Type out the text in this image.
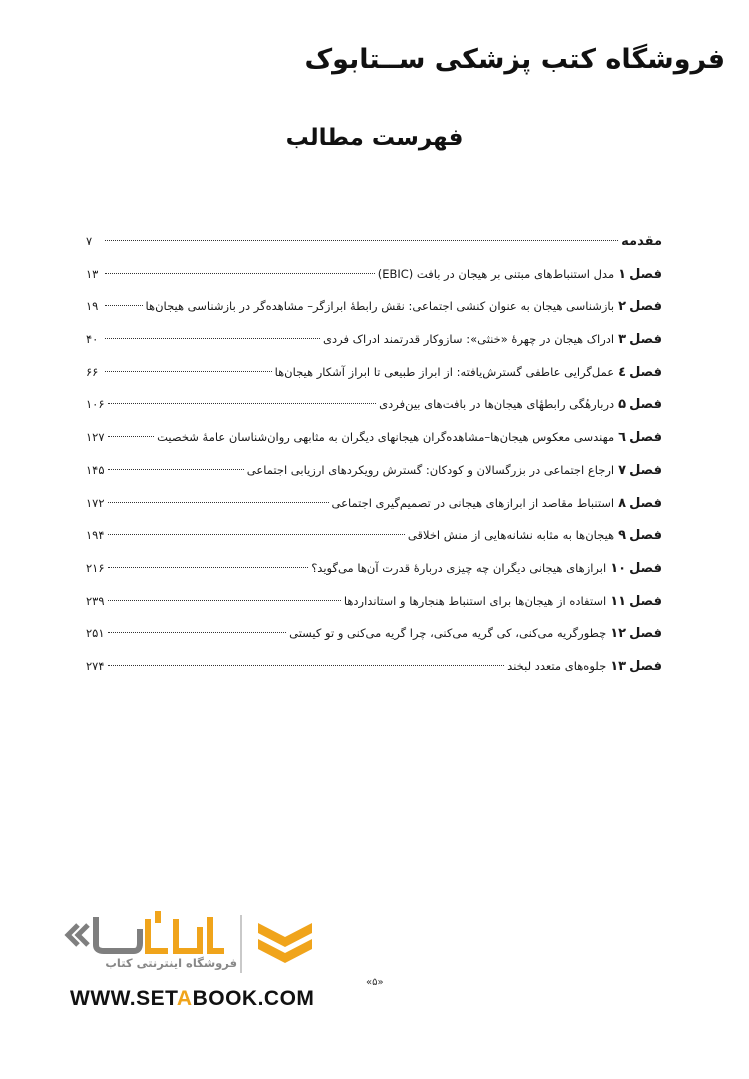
فروشگاه کتب پزشکی ســتابوک
فهرست مطالب
مقدمه
۷
فصل۱
مدل استنباط‌های مبتنی بر هیجان در بافت (EBIC)
۱۳
فصل۲
بازشناسی هیجان به عنوان کنشی اجتماعی: نقش رابطهٔ ابرازگر– مشاهده‌گر در بازشناسی هیجان‌ها
۱۹
فصل۳
ادراک هیجان در چهرهٔ «خنثی»: سازوکار قدرتمند ادراک فردی
۴۰
فصل٤
عمل‌گرایی عاطفی گسترش‌یافته: از ابراز طبیعی تا ابراز آشکار هیجان‌ها
۶۶
فصل۵
دربارهٔگی رابطهٔای هیجان‌ها در بافت‌های بین‌فردی
۱۰۶
فصل٦
مهندسی معکوس هیجان‌ها–مشاهده‌گران هیجانهای دیگران به مثابهی روان‌شناسان عامهٔ شخصیت
۱۲۷
فصل۷
ارجاع اجتماعی در بزرگسالان و کودکان: گسترش رویکردهای ارزیابی اجتماعی
۱۴۵
فصل۸
استنباط مقاصد از ابرازهای هیجانی در تصمیم‌گیری اجتماعی
۱۷۲
فصل۹
هیجان‌ها به مثابه نشانه‌هایی از منش اخلاقی
۱۹۴
فصل۱۰
ابرازهای هیجانی دیگران چه چیزی دربارهٔ قدرت آن‌ها می‌گوید؟
۲۱۶
فصل۱۱
استفاده از هیجان‌ها برای استنباط هنجارها و استانداردها
۲۳۹
فصل۱۲
چطورگریه می‌کنی، کی گریه می‌کنی، چرا گریه می‌کنی و تو کیستی
۲۵۱
فصل۱۳
جلوه‌های متعدد لبخند
۲۷۴
فروشگاه اینترنتی کتاب
WWW.SETABOOK.COM
«۵»
